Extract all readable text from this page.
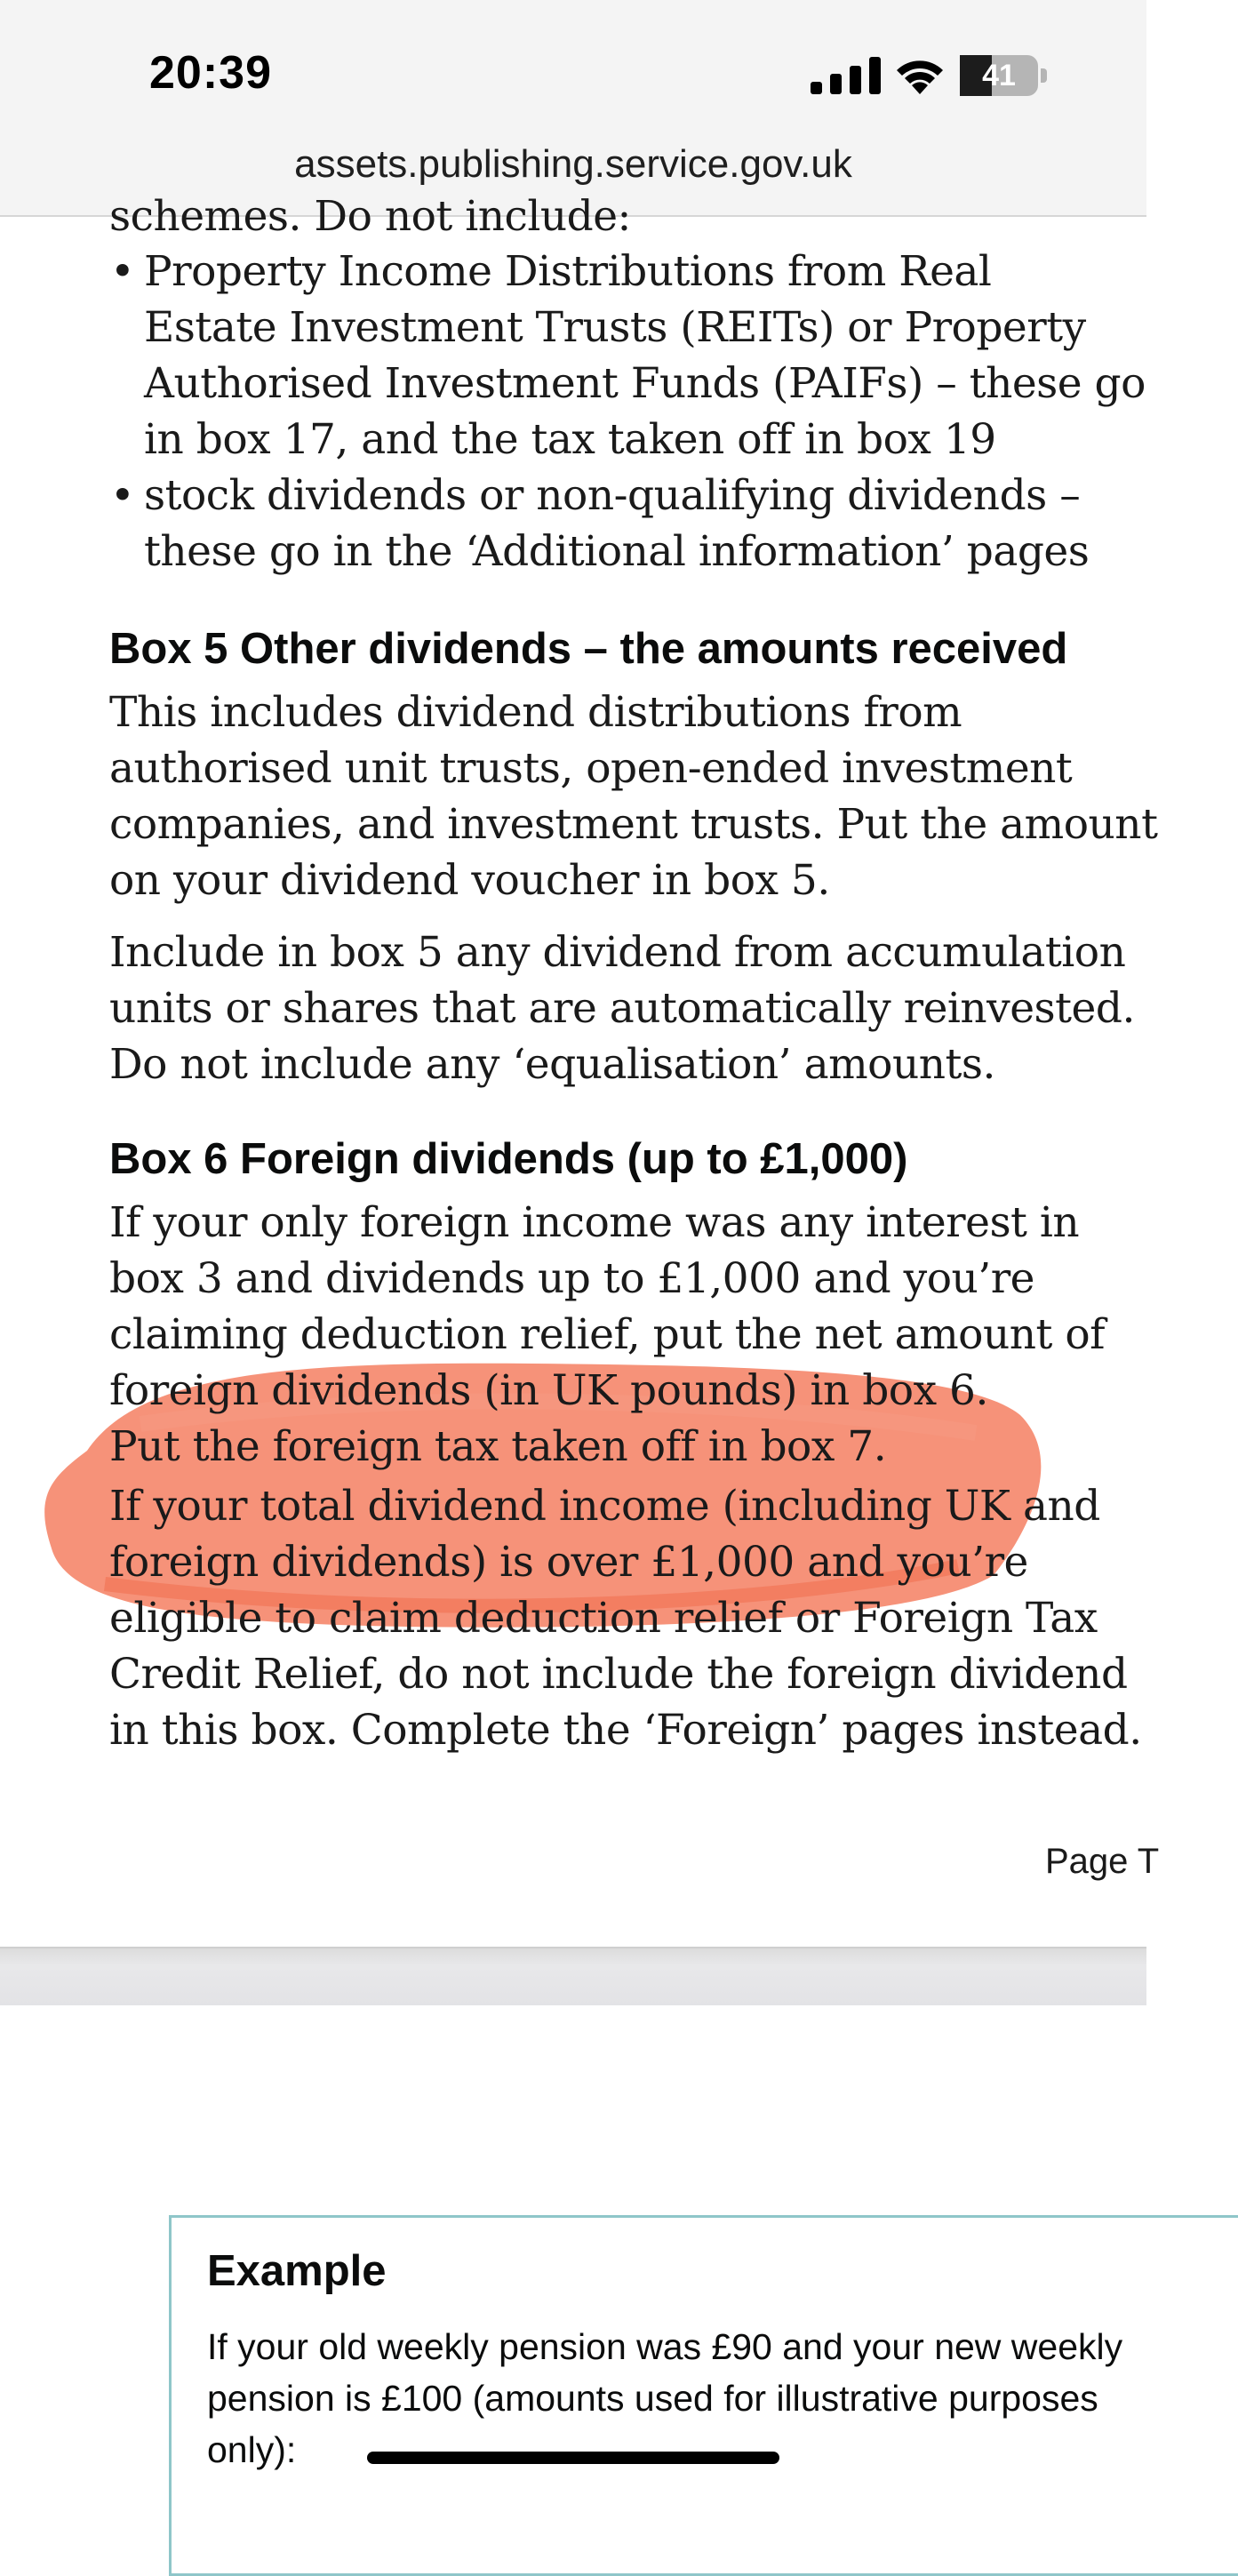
20:39	41
assets.publishing.service.gov.uk
schemes. Do not include:
• Property Income Distributions from Real
Estate Investment Trusts (REITs) or Property
Authorised Investment Funds (PAIFs) – these go
in box 17, and the tax taken off in box 19
• stock dividends or non-qualifying dividends –
these go in the ‘Additional information’ pages
Box 5 Other dividends – the amounts received
This includes dividend distributions from
authorised unit trusts, open-ended investment
companies, and investment trusts. Put the amount
on your dividend voucher in box 5.
Include in box 5 any dividend from accumulation
units or shares that are automatically reinvested.
Do not include any ‘equalisation’ amounts.
Box 6 Foreign dividends (up to £1,000)
If your only foreign income was any interest in
box 3 and dividends up to £1,000 and you’re
claiming deduction relief, put the net amount of
foreign dividends (in UK pounds) in box 6.
Put the foreign tax taken off in box 7.
If your total dividend income (including UK and
foreign dividends) is over £1,000 and you’re
eligible to claim deduction relief or Foreign Tax
Credit Relief, do not include the foreign dividend
in this box. Complete the ‘Foreign’ pages instead.
Page T
Example
If your old weekly pension was £90 and your new weekly
pension is £100 (amounts used for illustrative purposes
only):
